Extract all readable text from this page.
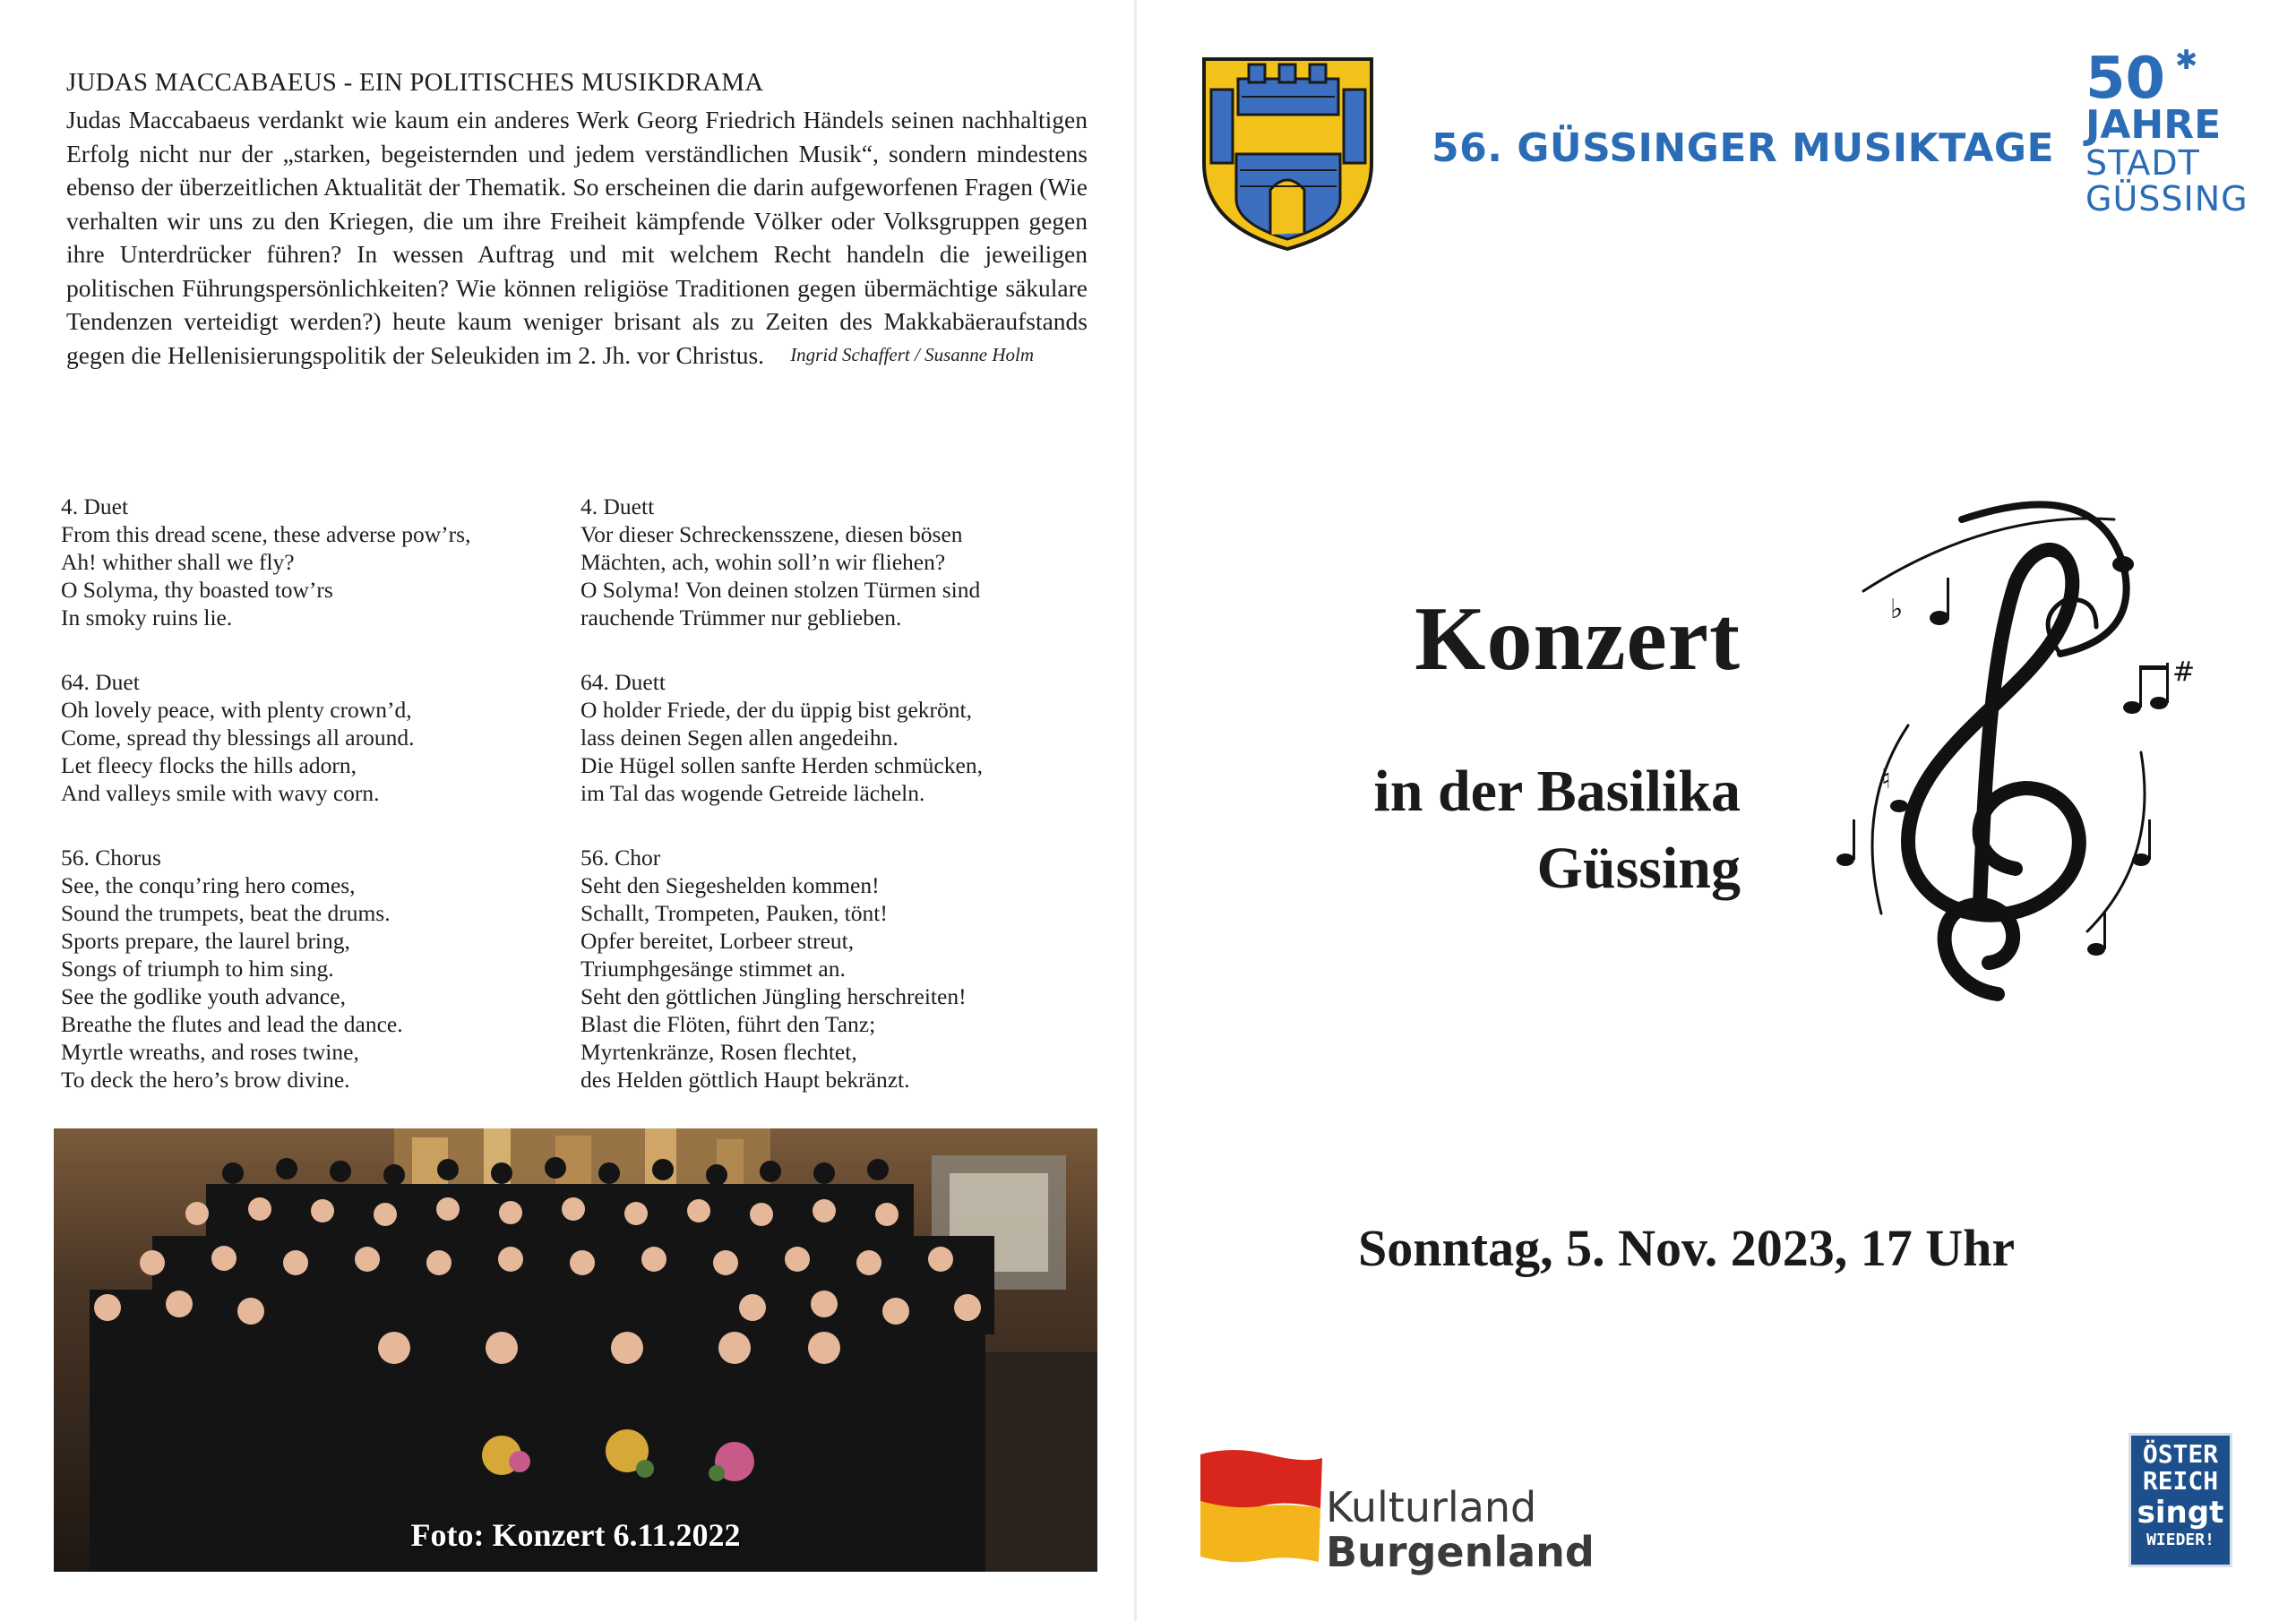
JUDAS MACCABAEUS - EIN POLITISCHES MUSIKDRAMA
Judas Maccabaeus verdankt wie kaum ein anderes Werk Georg Friedrich Händels seinen nachhaltigen Erfolg nicht nur der „starken, begeisternden und jedem verständlichen Musik“, sondern mindestens ebenso der überzeitlichen Aktualität der Thematik. So erscheinen die darin aufgeworfenen Fragen (Wie verhalten wir uns zu den Kriegen, die um ihre Freiheit kämpfende Völker oder Volksgruppen gegen ihre Unterdrücker führen? In wessen Auftrag und mit welchem Recht handeln die jeweiligen politischen Führungspersönlichkeiten? Wie können religiöse Traditionen gegen übermächtige säkulare Tendenzen verteidigt werden?) heute kaum weniger brisant als zu Zeiten des Makkabäeraufstands gegen die Hellenisierungspolitik der Seleukiden im 2. Jh. vor Christus. Ingrid Schaffert / Susanne Holm
4. Duet
From this dread scene, these adverse pow’rs,
Ah! whither shall we fly?
O Solyma, thy boasted tow’rs
In smoky ruins lie.
64. Duet
Oh lovely peace, with plenty crown’d,
Come, spread thy blessings all around.
Let fleecy flocks the hills adorn,
And valleys smile with wavy corn.
56. Chorus
See, the conqu’ring hero comes,
Sound the trumpets, beat the drums.
Sports prepare, the laurel bring,
Songs of triumph to him sing.
See the godlike youth advance,
Breathe the flutes and lead the dance.
Myrtle wreaths, and roses twine,
To deck the hero’s brow divine.
4. Duett
Vor dieser Schreckensszene, diesen bösen
Mächten, ach, wohin soll’n wir fliehen?
O Solyma! Von deinen stolzen Türmen sind
rauchende Trümmer nur geblieben.
64. Duett
O holder Friede, der du üppig bist gekrönt,
lass deinen Segen allen angedeihn.
Die Hügel sollen sanfte Herden schmücken,
im Tal das wogende Getreide lächeln.
56. Chor
Seht den Siegeshelden kommen!
Schallt, Trompeten, Pauken, tönt!
Opfer bereitet, Lorbeer streut,
Triumphgesänge stimmet an.
Seht den göttlichen Jüngling herschreiten!
Blast die Flöten, führt den Tanz;
Myrtenkränze, Rosen flechtet,
des Helden göttlich Haupt bekränzt.
Foto: Konzert 6.11.2022
56. GÜSSINGER MUSIKTAGE
50 ✱
JAHRE
STADT
GÜSSING
Konzert
in der Basilika
Güssing
#
♮
♭
Sonntag, 5. Nov. 2023, 17 Uhr
Kulturland
Burgenland
ÖSTER
REICH
singt
WIEDER!
